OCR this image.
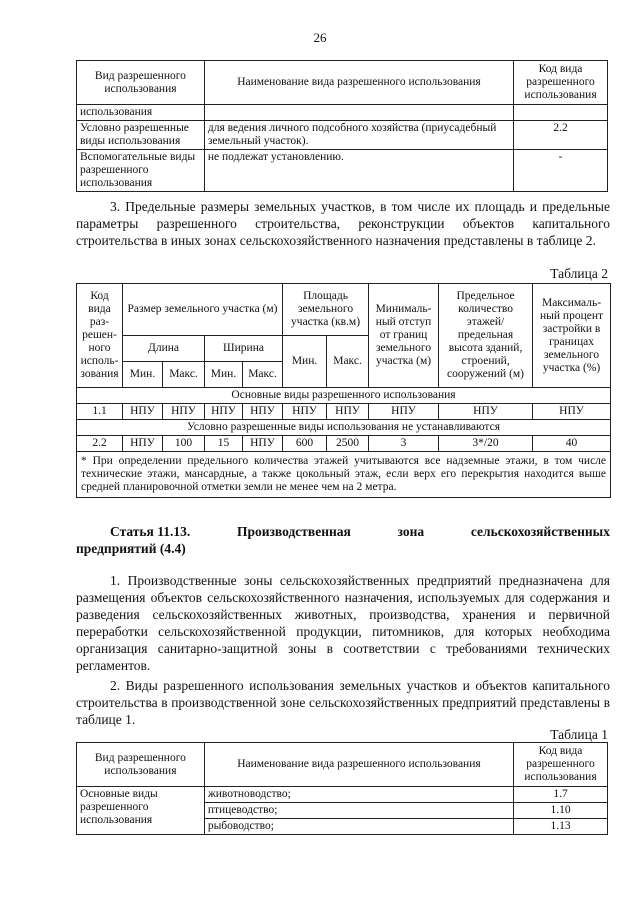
26
Вид разрешенного использования	Наименование вида разрешенного использования	Код вида разрешенного использования
использования		
Условно разрешенные виды использования	для ведения личного подсобного хозяйства (приусадебный земельный участок).	2.2
Вспомогательные виды разрешенного использования	не подлежат установлению.	-

3. Предельные размеры земельных участков, в том числе их площадь и предельные параметры разрешенного строительства, реконструкции объектов капитального строительства в иных зонах сельскохозяйственного назначения представлены в таблице 2.

Таблица 2
Код вида раз-решен-ного исполь-зования	Размер земельного участка (м)				Площадь земельного участка (кв.м)		Минималь-ный отступ от границ земельного участка (м)	Предельное количество этажей/ предельная высота зданий, строений, сооружений (м)	Максималь-ный процент застройки в границах земельного участка (%)
	Длина		Ширина		Мин.	Макс.			
	Мин.	Макс.	Мин.	Макс.					
Основные виды разрешенного использования									
1.1	НПУ	НПУ	НПУ	НПУ	НПУ	НПУ	НПУ	НПУ	НПУ
Условно разрешенные виды использования не устанавливаются									
2.2	НПУ	100	15	НПУ	600	2500	3	3*/20	40
* При определении предельного количества этажей учитываются все надземные этажи, в том числе технические этажи, мансардные, а также цокольный этаж, если верх его перекрытия находится выше средней планировочной отметки земли не менее чем на 2 метра.									
Статья 11.13.	Производственная	зона	сельскохозяйственных
предприятий (4.4)

1. Производственные зоны сельскохозяйственных предприятий предназначена для размещения объектов сельскохозяйственного назначения, используемых для содержания и разведения сельскохозяйственных животных, производства, хранения и первичной переработки сельскохозяйственной продукции, питомников, для которых необходима организация санитарно-защитной зоны в соответствии с требованиями технических регламентов.

2. Виды разрешенного использования земельных участков и объектов капитального строительства в производственной зоне сельскохозяйственных предприятий представлены в таблице 1.

Таблица 1
Вид разрешенного использования	Наименование вида разрешенного использования	Код вида разрешенного использования
Основные виды разрешенного использования	животноводство;	1.7
	птицеводство;	1.10
	рыбоводство;	1.13
